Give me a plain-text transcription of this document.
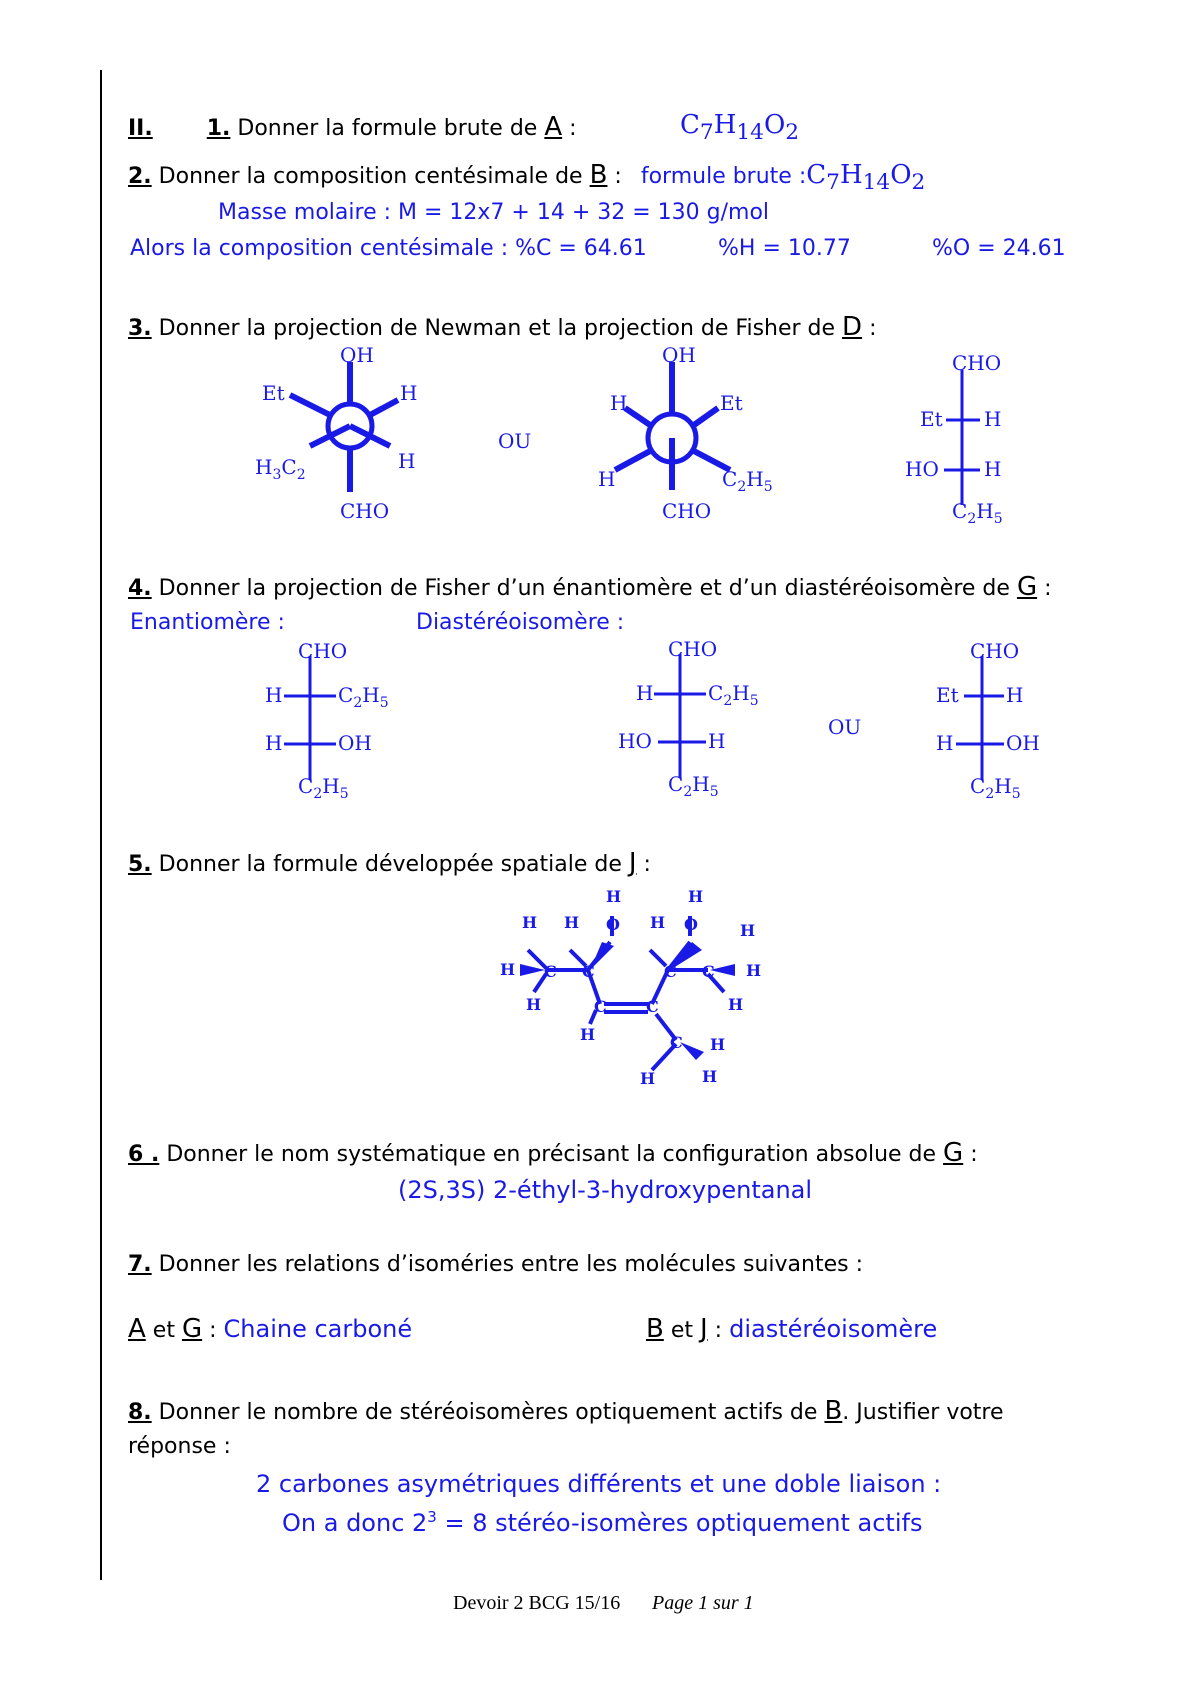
II. 1. Donner la formule brute de A :	$C_7H_{14}O_2$
2. Donner la composition centésimale de B : formule brute $:C_7H_{14}O_2$
Masse molaire : M = 12x7 + 14 + 32 = 130 g/mol
Alors la composition centésimale : %C = 64.61	%H = 10.77	%O = 24.61
3. Donner la projection de Newman et la projection de Fisher de D :
OH
Et	H
$H_3C_2$
H
CHO
OU
OH
H	Et
H	$C_2H_5$
CHO
CHO
Et H
HO H
$C_2H_5$
4. Donner la projection de Fisher d’un énantiomère et d’un diastéréoisomère de G :
Enantiomère :	Diastéréoisomère :
CHO
H	$C_2H_5$
H	OH
$C_2H_5$
CHO
H	$C_2H_5$
HO	H
$C_2H_5$
OU
CHO
Et H
H	OH
$C_2H_5$
5. Donner la formule développée spatiale de J :
H	H
O	O
H H	H	H
H	H
C C	C C
C C
H	H
H	C H
H	H
6 . Donner le nom systématique en précisant la configuration absolue de G :
(2S,3S) 2-éthyl-3-hydroxypentanal
7. Donner les relations d’isoméries entre les molécules suivantes :
A et G : Chaine carboné	B et J : diastéréoisomère
8. Donner le nombre de stéréoisomères optiquement actifs de B. Justifier votre
réponse :
2 carbones asymétriques différents et une doble liaison :
On a donc $2^3 = 8$ stéréo-isomères optiquement actifs
Devoir 2 BCG 15/16 Page 1 sur 1
